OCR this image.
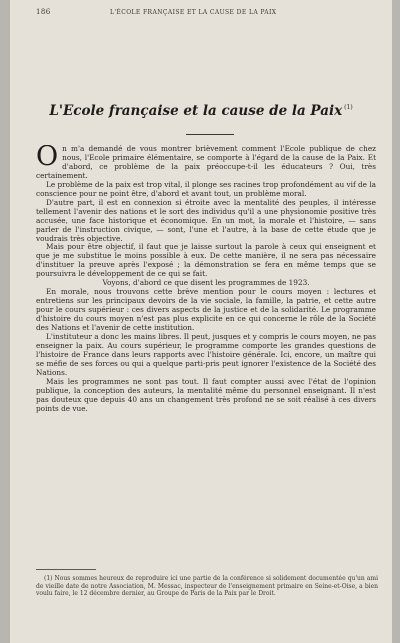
186	L'ÉCOLE FRANÇAISE ET LA CAUSE DE LA PAIX
L'Ecole française et la cause de la Paix $^{(1)}$

On m'a demandé de vous montrer brièvement comment l'Ecole publique de chez nous, l'Ecole primaire élémentaire, se comporte à l'égard de la cause de la Paix. Et d'abord, ce problème de la paix préoccupe-t-il les éducateurs ? Oui, très certainement.

Le problème de la paix est trop vital, il plonge ses racines trop profondément au vif de la conscience pour ne point être, d'abord et avant tout, un problème moral.

D'autre part, il est en connexion si étroite avec la mentalité des peuples, il intéresse tellement l'avenir des nations et le sort des individus qu'il a une physionomie positive très accusée, une face historique et économique. En un mot, la morale et l'histoire, — sans parler de l'instruction civique, — sont, l'une et l'autre, à la base de cette étude que je voudrais très objective.

Mais pour être objectif, il faut que je laisse surtout la parole à ceux qui enseignent et que je me substitue le moins possible à eux. De cette manière, il ne sera pas nécessaire d'instituer la preuve après l'exposé ; la démonstration se fera en même temps que se poursuivra le développement de ce qui se fait.

Voyons, d'abord ce que disent les programmes de 1923.

En morale, nous trouvons cette brève mention pour le cours moyen : lectures et entretiens sur les principaux devoirs de la vie sociale, la famille, la patrie, et cette autre pour le cours supérieur : ces divers aspects de la justice et de la solidarité. Le programme d'histoire du cours moyen n'est pas plus explicite en ce qui concerne le rôle de la Société des Nations et l'avenir de cette institution.

L'instituteur a donc les mains libres. Il peut, jusques et y compris le cours moyen, ne pas enseigner la paix. Au cours supérieur, le programme comporte les grandes questions de l'histoire de France dans leurs rapports avec l'histoire générale. Ici, encore, un maître qui se méfie de ses forces ou qui a quelque parti-pris peut ignorer l'existence de la Société des Nations.

Mais les programmes ne sont pas tout. Il faut compter aussi avec l'état de l'opinion publique, la conception des auteurs, la mentalité même du personnel enseignant. Il n'est pas douteux que depuis 40 ans un changement très profond ne se soit réalisé à ces divers points de vue.

(1) Nous sommes heureux de reproduire ici une partie de la conférence si solidement documentée qu'un ami de vieille date de notre Association, M. Messac, inspecteur de l'enseignement primaire en Seine-et-Oise, a bien voulu faire, le 12 décembre dernier, au Groupe de Paris de la Paix par le Droit.
